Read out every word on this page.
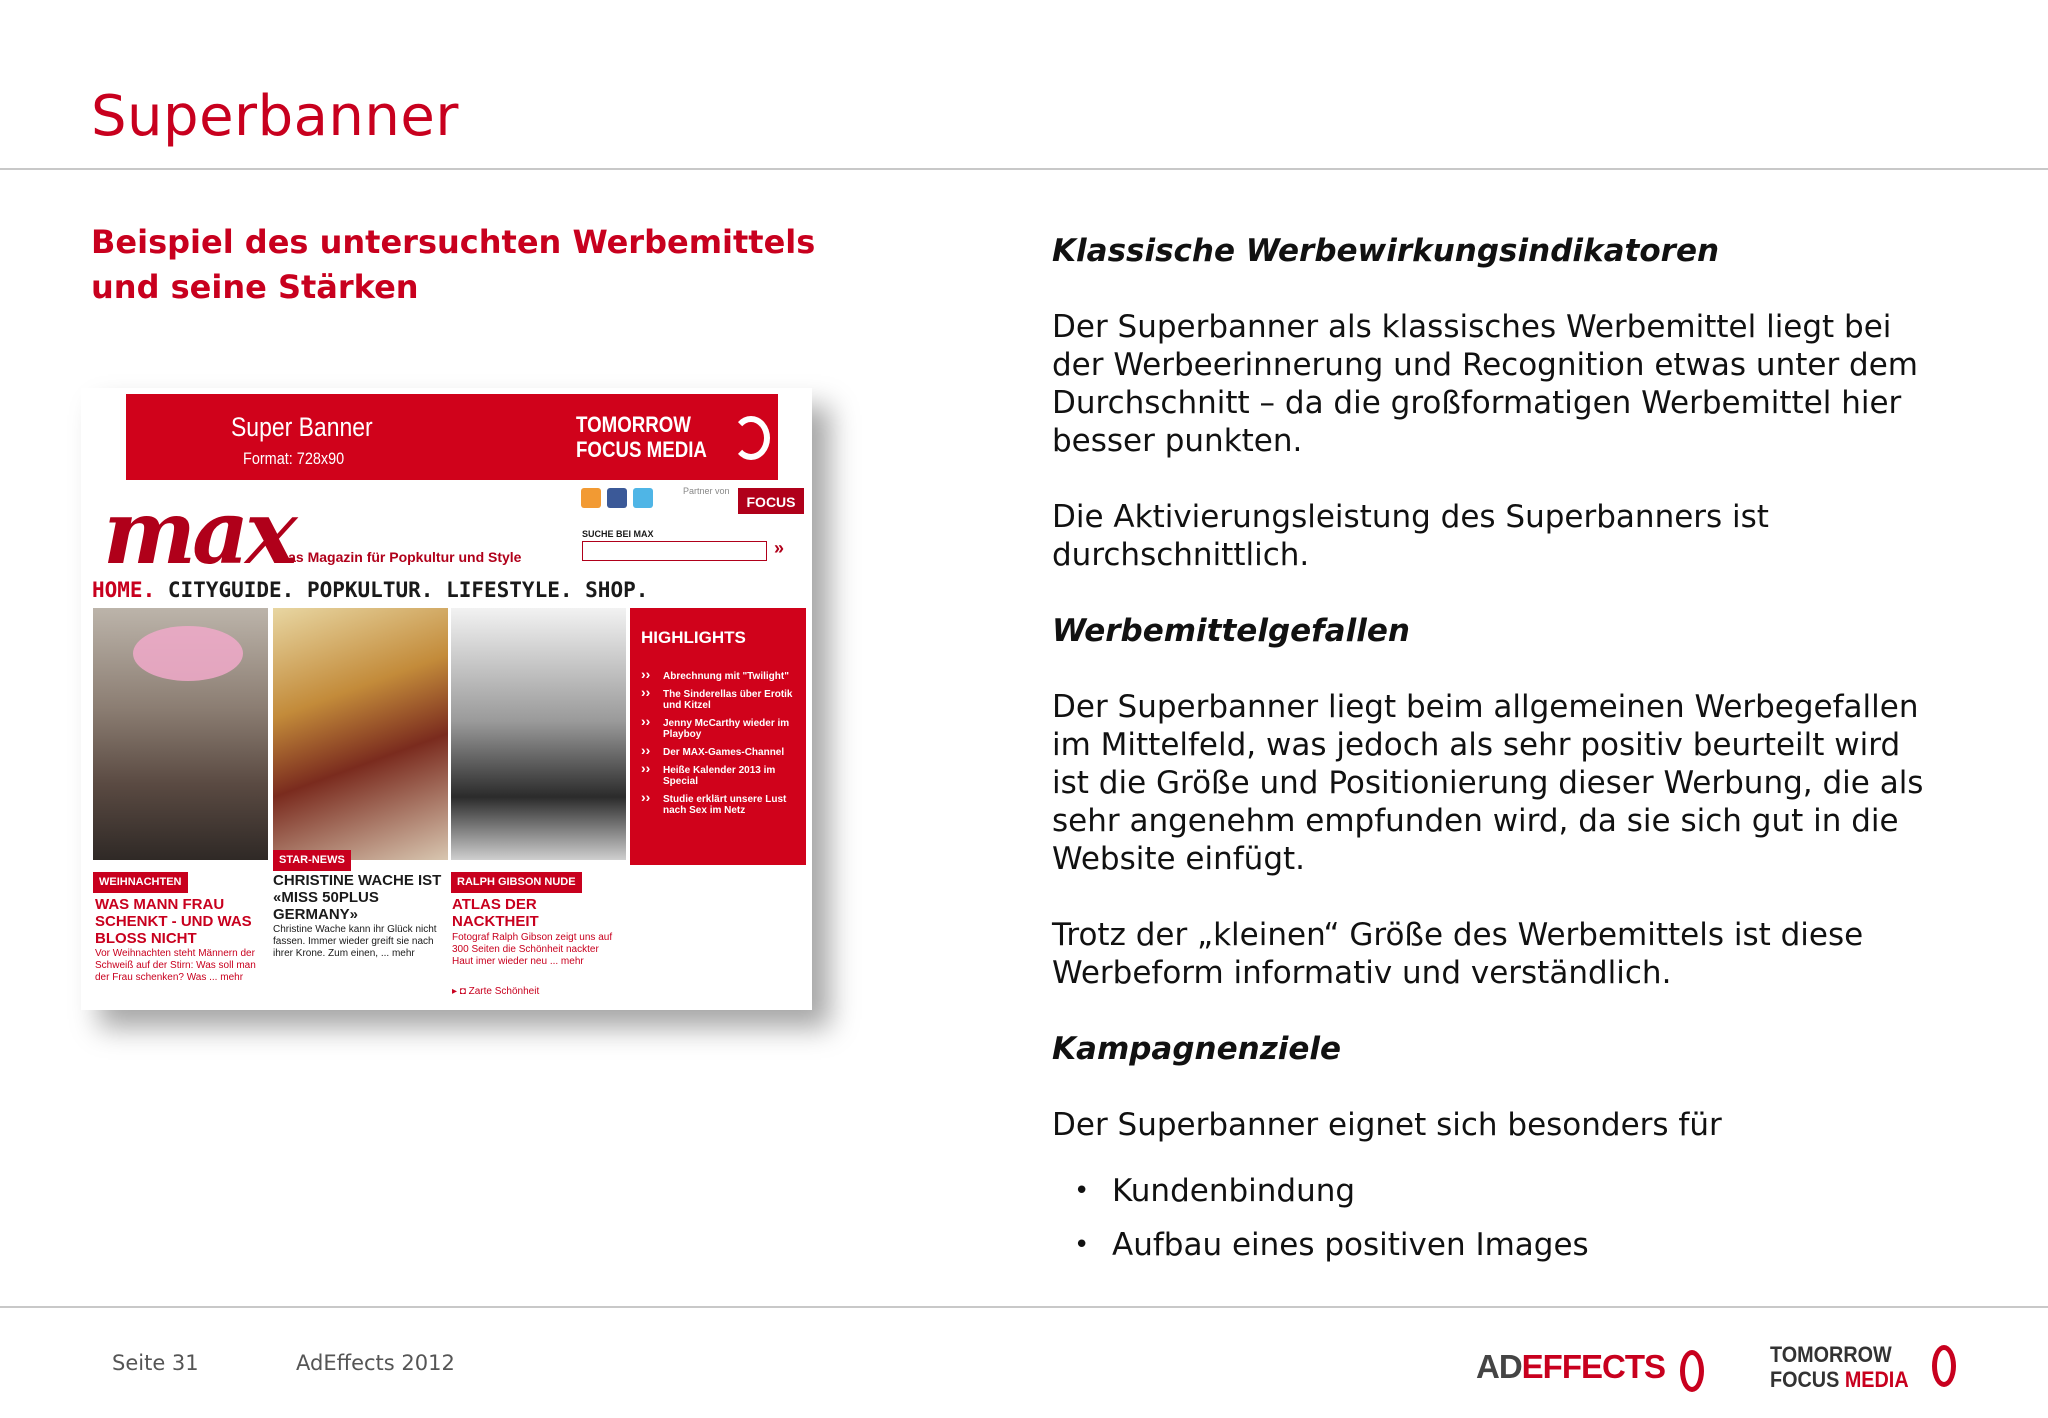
Superbanner
Beispiel des untersuchten Werbemittels und seine Stärken
Super Banner
Format: 728x90
TOMORROW
FOCUS MEDIA
max
Das Magazin für Popkultur und Style
Partner von
FOCUS
SUCHE BEI MAX
»
HOME. CITYGUIDE. POPKULTUR. LIFESTYLE. SHOP.
HIGHLIGHTS
›› Abrechnung mit "Twilight"
›› The Sinderellas über Erotik und Kitzel
›› Jenny McCarthy wieder im Playboy
›› Der MAX-Games-Channel
›› Heiße Kalender 2013 im Special
›› Studie erklärt unsere Lust nach Sex im Netz
WEIHNACHTEN
WAS MANN FRAU SCHENKT - UND WAS BLOSS NICHT
Vor Weihnachten steht Männern der Schweiß auf der Stirn: Was soll man der Frau schenken? Was ... mehr
STAR-NEWS
CHRISTINE WACHE IST «MISS 50PLUS GERMANY»
Christine Wache kann ihr Glück nicht fassen. Immer wieder greift sie nach ihrer Krone. Zum einen, ... mehr
RALPH GIBSON NUDE
ATLAS DER NACKTHEIT
Fotograf Ralph Gibson zeigt uns auf 300 Seiten die Schönheit nackter Haut imer wieder neu ... mehr
▸ ◘ Zarte Schönheit
Klassische Werbewirkungsindikatoren

Der Superbanner als klassisches Werbemittel liegt bei

der Werbeerinnerung und Recognition etwas unter dem

Durchschnitt – da die großformatigen Werbemittel hier

besser punkten.

Die Aktivierungsleistung des Superbanners ist

durchschnittlich.

Werbemittelgefallen

Der Superbanner liegt beim allgemeinen Werbegefallen

im Mittelfeld, was jedoch als sehr positiv beurteilt wird

ist die Größe und Positionierung dieser Werbung, die als

sehr angenehm empfunden wird, da sie sich gut in die

Website einfügt.

Trotz der „kleinen“ Größe des Werbemittels ist diese

Werbeform informativ und verständlich.

Kampagnenziele

Der Superbanner eignet sich besonders für

• Kundenbindung
• Aufbau eines positiven Images
Seite 31	AdEffects 2012	ADEFFECTS	TOMORROW
FOCUS MEDIA
